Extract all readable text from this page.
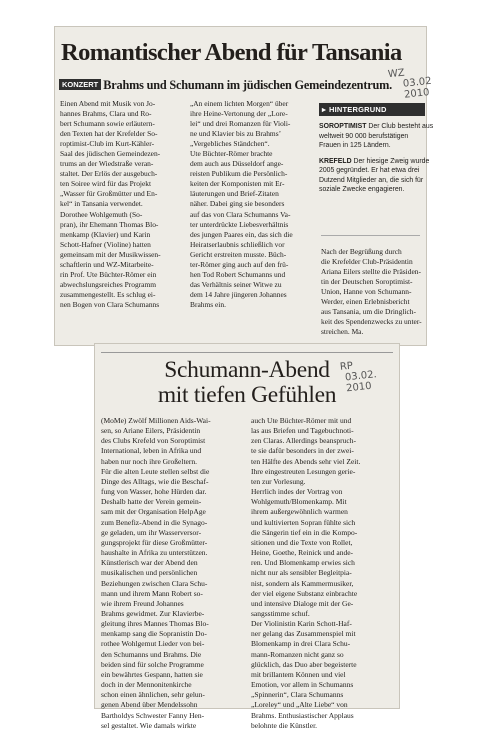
Romantischer Abend für Tansania
WZ
03.02
2010
KONZERT Brahms und Schumann im jüdischen Gemeindezentrum.
Einen Abend mit Musik von Jo-
hannes Brahms, Clara und Ro-
bert Schumann sowie erläutern-
den Texten hat der Krefelder So-
roptimist-Club im Kurt-Kähler-
Saal des jüdischen Gemeindezen-
trums an der Wiedstraße veran-
staltet. Der Erlös der ausgebuch-
ten Soiree wird für das Projekt
„Wasser für Großmütter und En-
kel“ in Tansania verwendet.
Dorothee Wohlgemuth (So-
pran), ihr Ehemann Thomas Blo-
menkamp (Klavier) und Karin
Schott-Hafner (Violine) hatten
gemeinsam mit der Musikwissen-
schaftlerin und WZ-Mitarbeite-
rin Prof. Ute Büchter-Römer ein
abwechslungsreiches Programm
zusammengestellt. Es schlug ei-
nen Bogen von Clara Schumanns
„An einem lichten Morgen“ über
ihre Heine-Vertonung der „Lore-
lei“ und drei Romanzen für Violi-
ne und Klavier bis zu Brahms’
„Vergebliches Ständchen“.
Ute Büchter-Römer brachte
dem auch aus Düsseldorf ange-
reisten Publikum die Persönlich-
keiten der Komponisten mit Er-
läuterungen und Brief-Zitaten
näher. Dabei ging sie besonders
auf das von Clara Schumanns Va-
ter unterdrückte Liebesverhältnis
des jungen Paares ein, das sich die
Heiratserlaubnis schließlich vor
Gericht erstreiten musste. Büch-
ter-Römer ging auch auf den frü-
hen Tod Robert Schumanns und
das Verhältnis seiner Witwe zu
dem 14 Jahre jüngeren Johannes
Brahms ein.
▸ HINTERGRUND
SOROPTIMIST Der Club besteht aus
weltweit 90 000 berufstätigen
Frauen in 125 Ländern.
KREFELD Der hiesige Zweig wurde
2005 gegründet. Er hat etwa drei
Dutzend Mitglieder an, die sich für
soziale Zwecke engagieren.
Nach der Begrüßung durch
die Krefelder Club-Präsidentin
Ariana Eilers stellte die Präsiden-
tin der Deutschen Soroptimist-
Union, Hanne von Schumann-
Werder, einen Erlebnisbericht
aus Tansania, um die Dringlich-
keit des Spendenzwecks zu unter-
streichen. Ma.
Schumann-Abend
mit tiefen Gefühlen
RP
03.02.
2010
(MoMe) Zwölf Millionen Aids-Wai-
sen, so Ariane Eilers, Präsidentin
des Clubs Krefeld von Soroptimist
International, leben in Afrika und
haben nur noch ihre Großeltern.
Für die alten Leute stellen selbst die
Dinge des Alltags, wie die Beschaf-
fung von Wasser, hohe Hürden dar.
Deshalb hatte der Verein gemein-
sam mit der Organisation HelpAge
zum Benefiz-Abend in die Synago-
ge geladen, um ihr Wasserversor-
gungsprojekt für diese Großmütter-
haushalte in Afrika zu unterstützen.
Künstlerisch war der Abend den
musikalischen und persönlichen
Beziehungen zwischen Clara Schu-
mann und ihrem Mann Robert so-
wie ihrem Freund Johannes
Brahms gewidmet. Zur Klavierbe-
gleitung ihres Mannes Thomas Blo-
menkamp sang die Sopranistin Do-
rothee Wohlgemut Lieder von bei-
den Schumanns und Brahms. Die
beiden sind für solche Programme
ein bewährtes Gespann, hatten sie
doch in der Mennonitenkirche
schon einen ähnlichen, sehr gelun-
genen Abend über Mendelssohn
Bartholdys Schwester Fanny Hen-
sel gestaltet. Wie damals wirkte
auch Ute Büchter-Römer mit und
las aus Briefen und Tagebuchnoti-
zen Claras. Allerdings beanspruch-
te sie dafür besonders in der zwei-
ten Hälfte des Abends sehr viel Zeit.
Ihre eingestreuten Lesungen gerie-
ten zur Vorlesung.
Herrlich indes der Vortrag von
Wohlgemuth/Blomenkamp. Mit
ihrem außergewöhnlich warmen
und kultivierten Sopran fühlte sich
die Sängerin tief ein in die Kompo-
sitionen und die Texte von Rollet,
Heine, Goethe, Reinick und ande-
ren. Und Blomenkamp erwies sich
nicht nur als sensibler Begleitpia-
nist, sondern als Kammermusiker,
der viel eigene Substanz einbrachte
und intensive Dialoge mit der Ge-
sangsstimme schuf.
Der Violinistin Karin Schott-Haf-
ner gelang das Zusammenspiel mit
Blomenkamp in drei Clara Schu-
mann-Romanzen nicht ganz so
glücklich, das Duo aber begeisterte
mit brillantem Können und viel
Emotion, vor allem in Schumanns
„Spinnerin“, Clara Schumanns
„Loreley“ und „Alte Liebe“ von
Brahms. Enthusiastischer Applaus
belohnte die Künstler.
